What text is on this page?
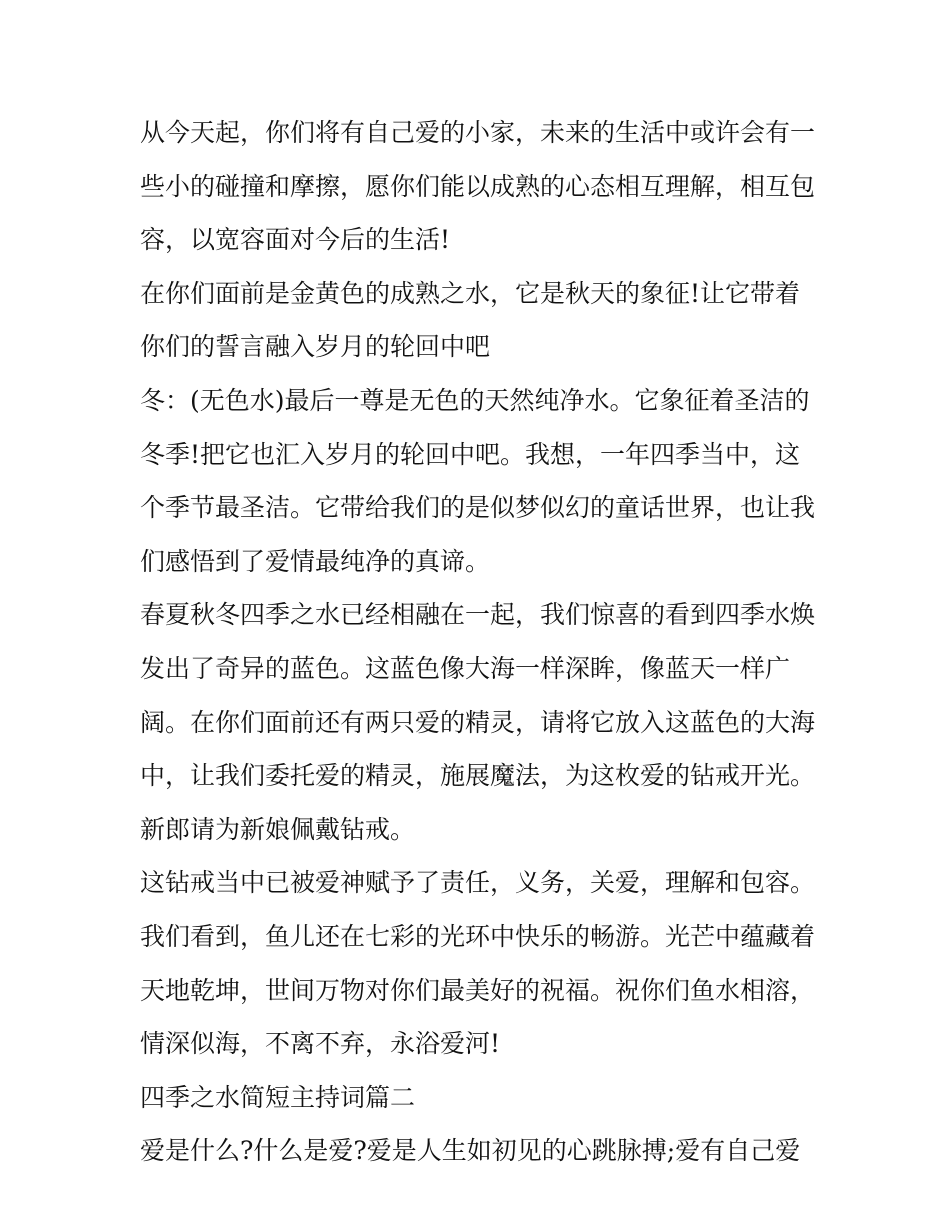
从今天起，你们将有自己爱的小家，未来的生活中或许会有一
些小的碰撞和摩擦，愿你们能以成熟的心态相互理解，相互包
容，以宽容面对今后的生活!
在你们面前是金黄色的成熟之水，它是秋天的象征!让它带着
你们的誓言融入岁月的轮回中吧
冬：(无色水)最后一尊是无色的天然纯净水。它象征着圣洁的
冬季!把它也汇入岁月的轮回中吧。我想，一年四季当中，这
个季节最圣洁。它带给我们的是似梦似幻的童话世界，也让我
们感悟到了爱情最纯净的真谛。
春夏秋冬四季之水已经相融在一起，我们惊喜的看到四季水焕
发出了奇异的蓝色。这蓝色像大海一样深眸，像蓝天一样广
阔。在你们面前还有两只爱的精灵，请将它放入这蓝色的大海
中，让我们委托爱的精灵，施展魔法，为这枚爱的钻戒开光。
新郎请为新娘佩戴钻戒。
这钻戒当中已被爱神赋予了责任，义务，关爱，理解和包容。
我们看到，鱼儿还在七彩的光环中快乐的畅游。光芒中蕴藏着
天地乾坤，世间万物对你们最美好的祝福。祝你们鱼水相溶，
情深似海，不离不弃，永浴爱河!
四季之水简短主持词篇二
爱是什么?什么是爱?爱是人生如初见的心跳脉搏;爱有自己爱
